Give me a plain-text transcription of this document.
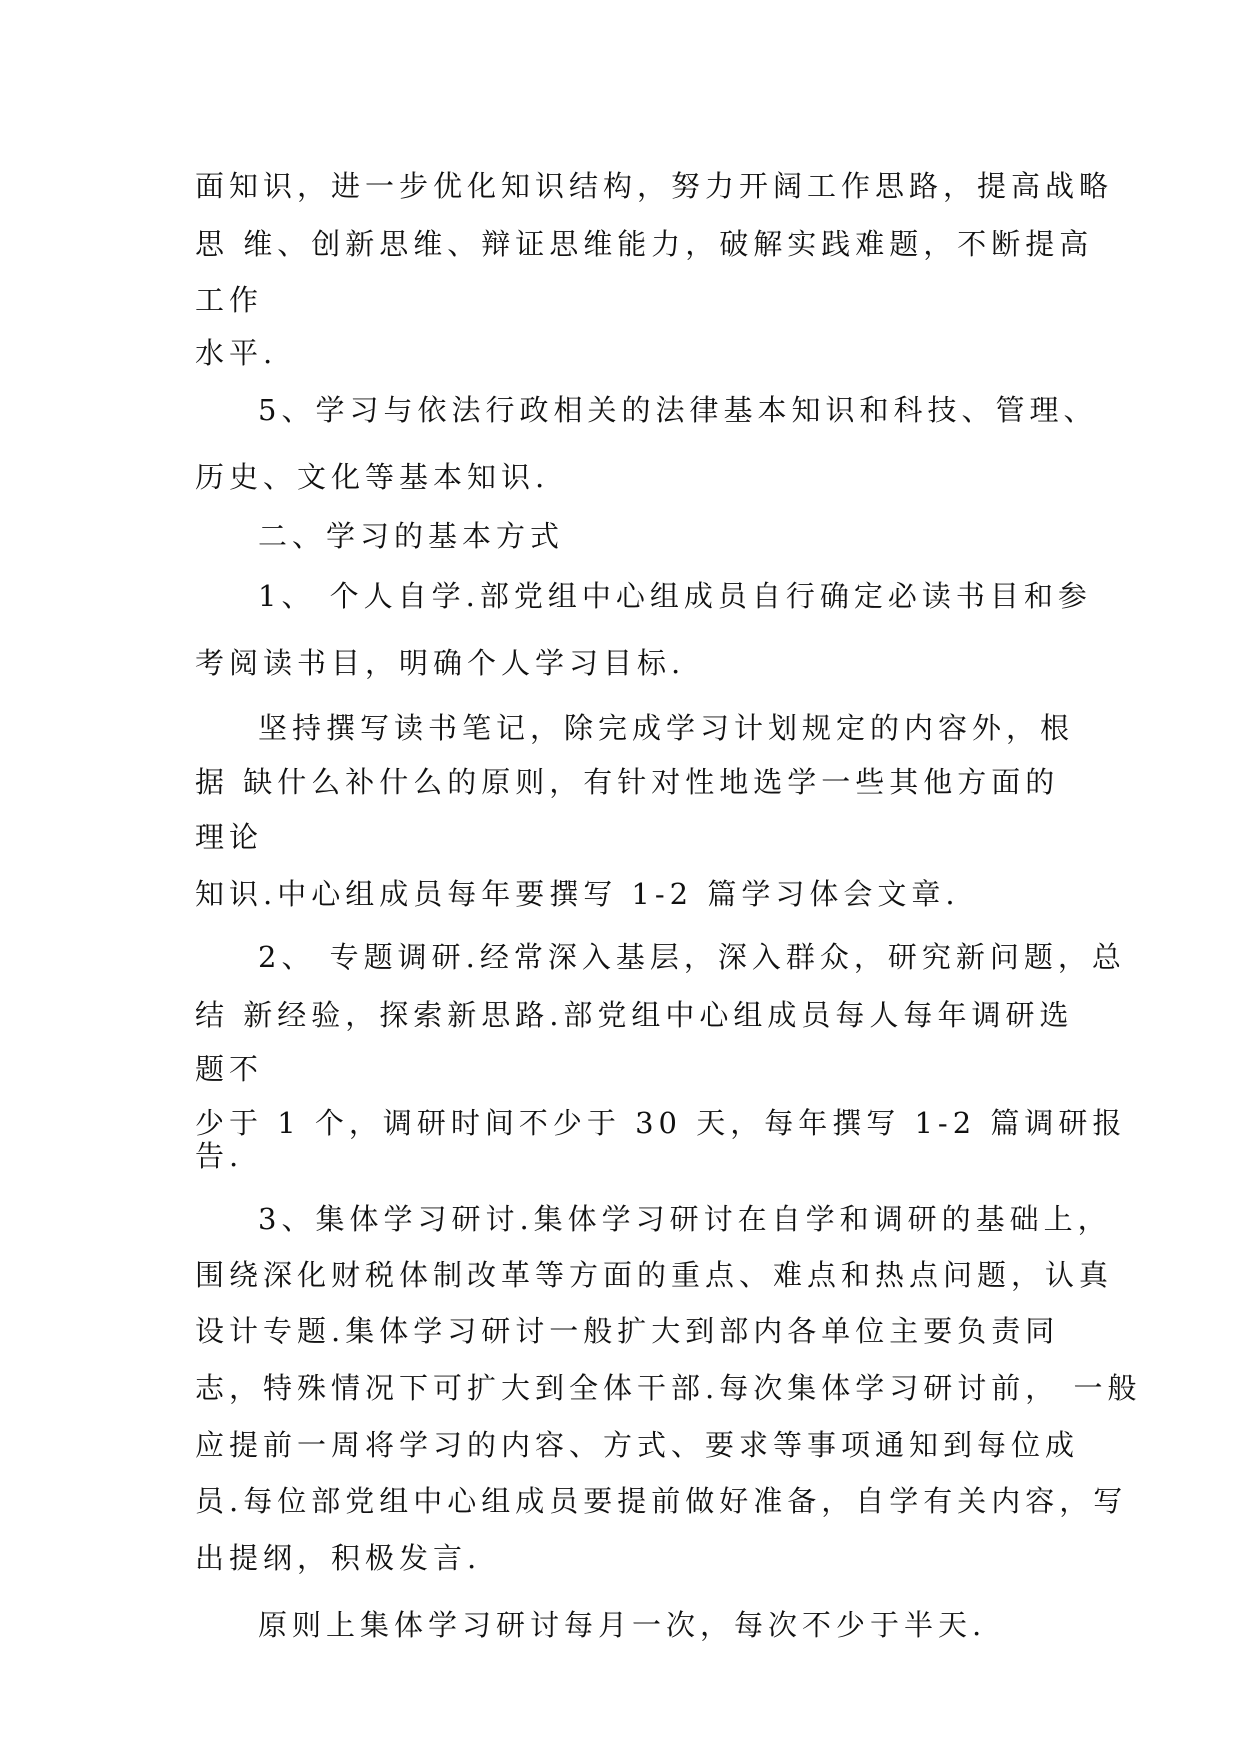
面知识，进一步优化知识结构，努力开阔工作思路，提高战略

思 维、创新思维、辩证思维能力，破解实践难题，不断提高

工作

水平.

5、学习与依法行政相关的法律基本知识和科技、管理、

历史、文化等基本知识.

二、学习的基本方式

1、 个人自学.部党组中心组成员自行确定必读书目和参

考阅读书目，明确个人学习目标.

坚持撰写读书笔记，除完成学习计划规定的内容外，根

据 缺什么补什么的原则，有针对性地选学一些其他方面的

理论

知识.中心组成员每年要撰写 1-2 篇学习体会文章.

2、 专题调研.经常深入基层，深入群众，研究新问题，总

结 新经验，探索新思路.部党组中心组成员每人每年调研选

题不

少于 1 个，调研时间不少于 30 天，每年撰写 1-2 篇调研报

告.

3、集体学习研讨.集体学习研讨在自学和调研的基础上，

围绕深化财税体制改革等方面的重点、难点和热点问题，认真

设计专题.集体学习研讨一般扩大到部内各单位主要负责同

志，特殊情况下可扩大到全体干部.每次集体学习研讨前， 一般

应提前一周将学习的内容、方式、要求等事项通知到每位成

员.每位部党组中心组成员要提前做好准备，自学有关内容，写

出提纲，积极发言.

原则上集体学习研讨每月一次，每次不少于半天.
